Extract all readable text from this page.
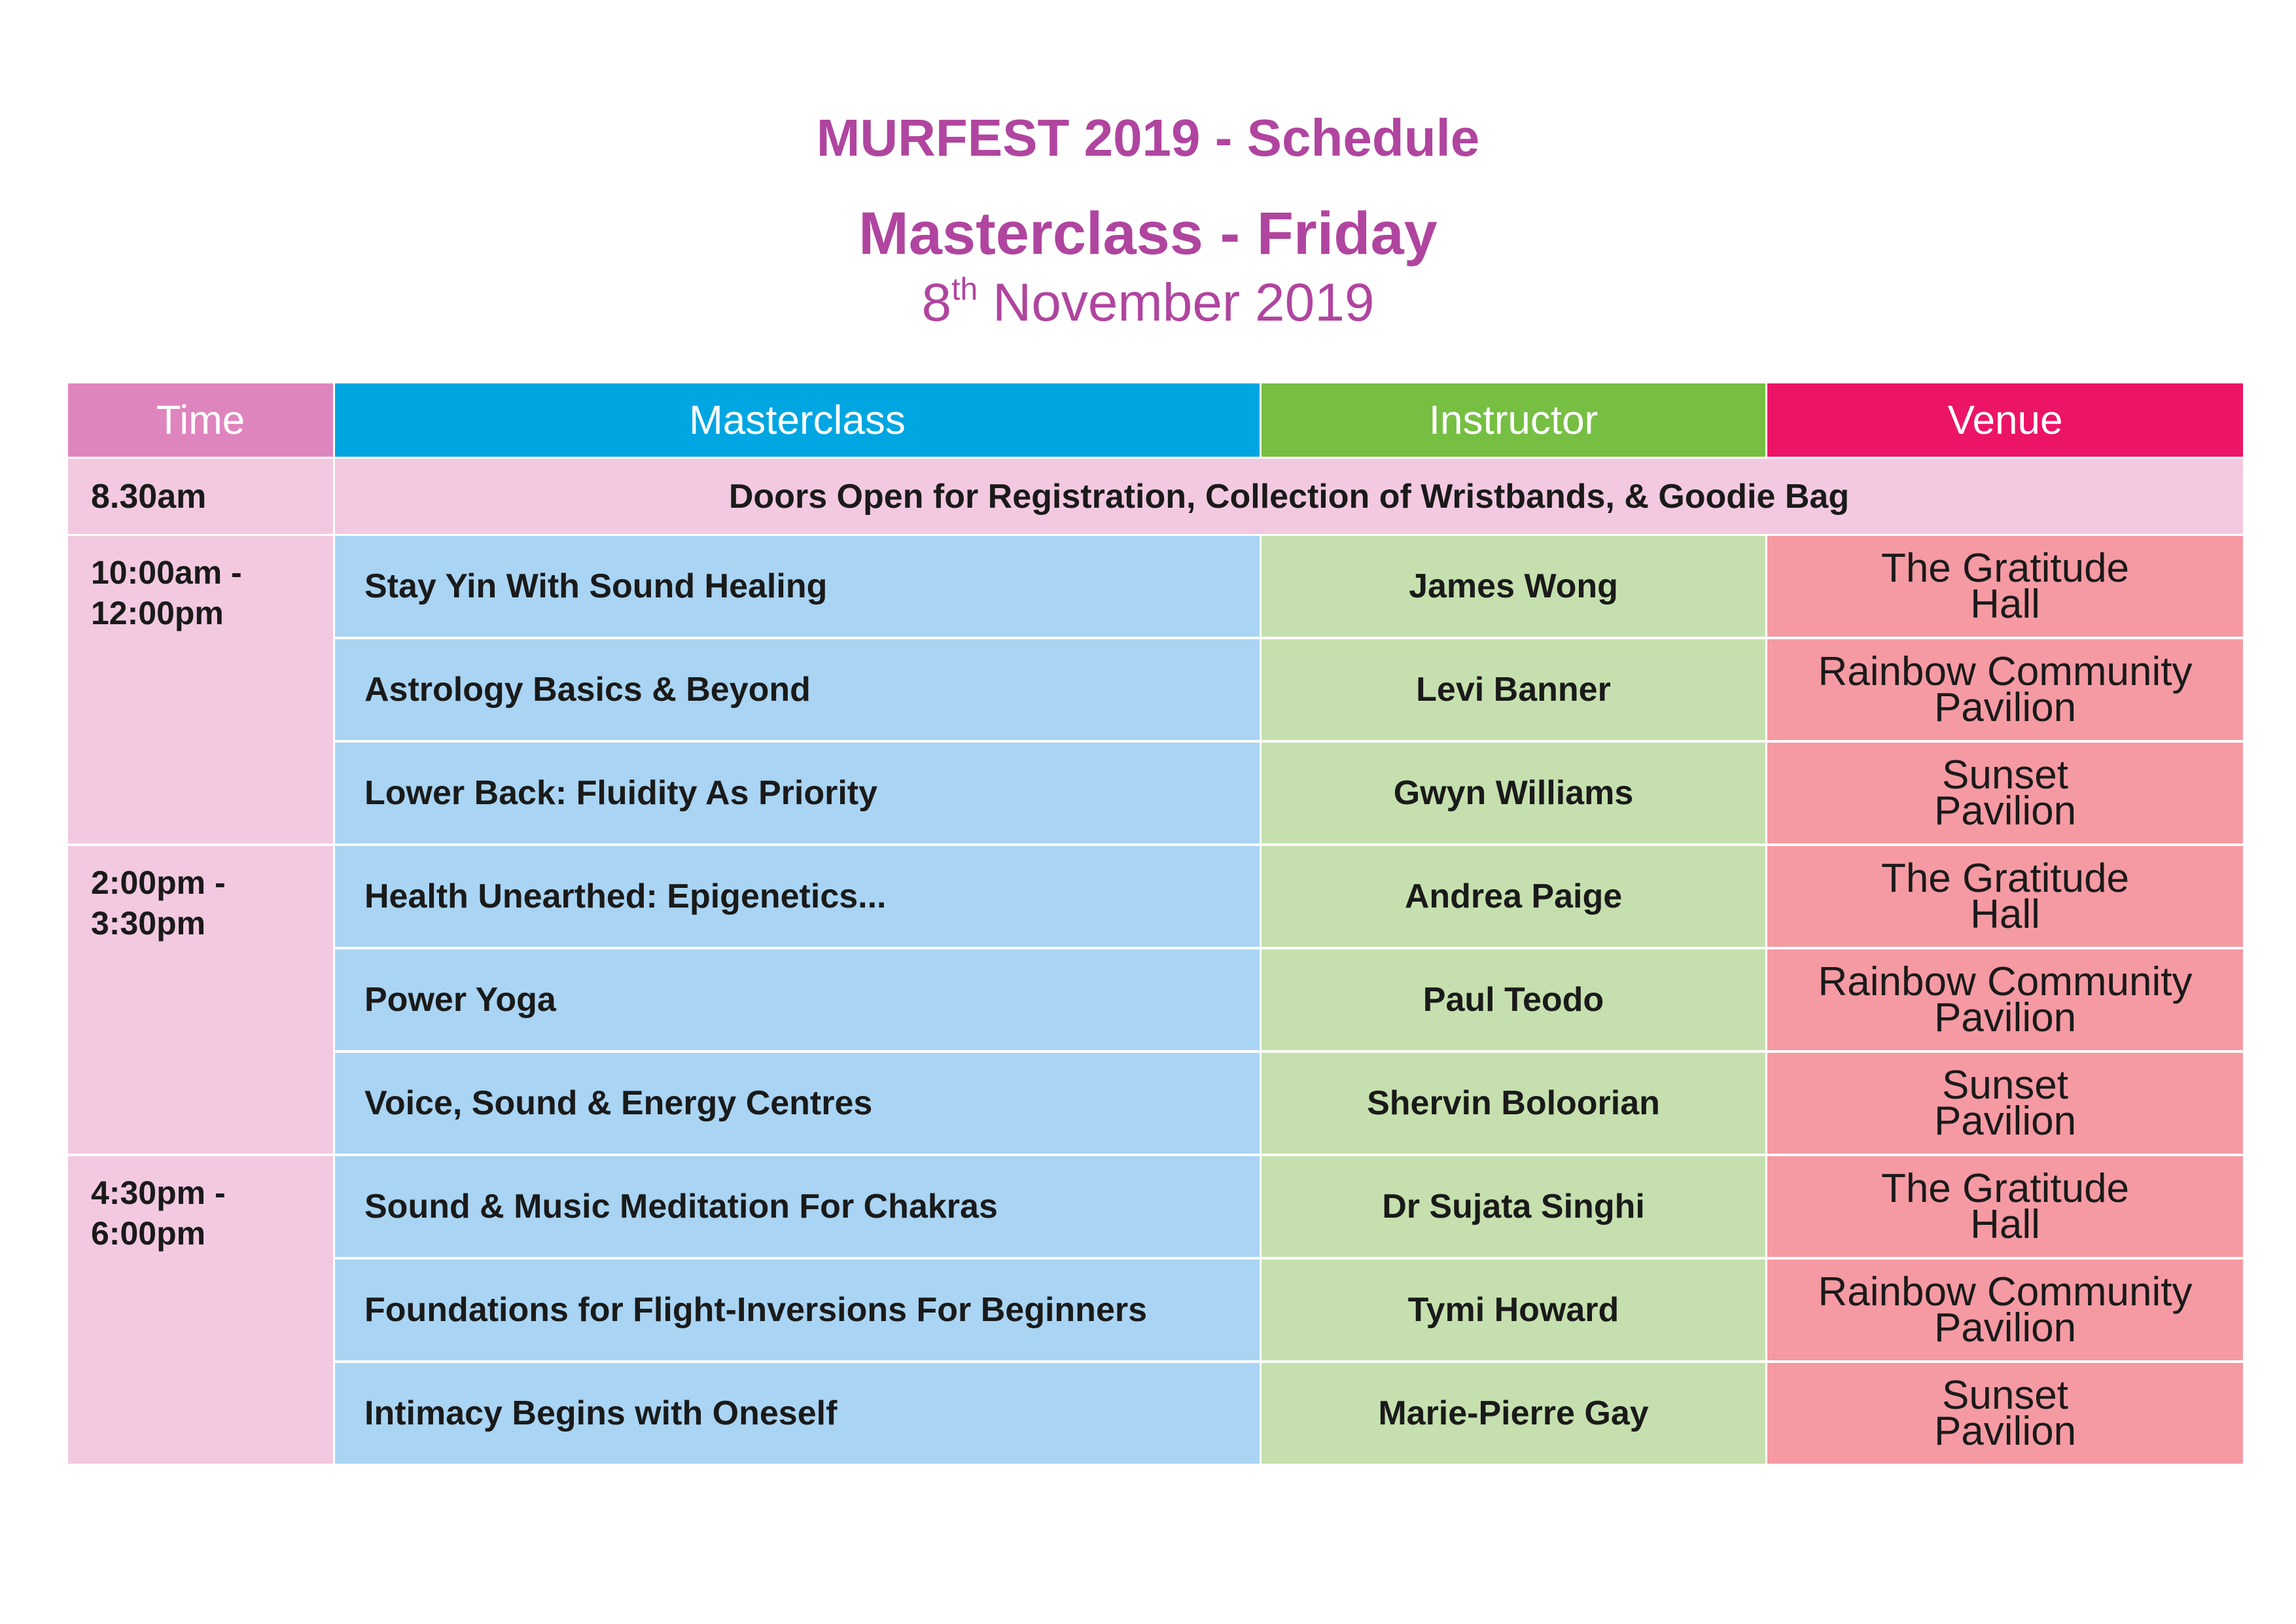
MURFEST 2019 - Schedule
Masterclass - Friday
8th November 2019
Time	Masterclass	Instructor	Venue
8.30am	Doors Open for Registration, Collection of Wristbands, & Goodie Bag
10:00am -
12:00pm
Stay Yin With Sound Healing	James Wong	The Gratitude
Hall
Astrology Basics & Beyond	Levi Banner	Rainbow Community
Pavilion
Lower Back: Fluidity As Priority	Gwyn Williams	Sunset
Pavilion
2:00pm -
3:30pm
Health Unearthed: Epigenetics...	Andrea Paige	The Gratitude
Hall
Power Yoga	Paul Teodo	Rainbow Community
Pavilion
Voice, Sound & Energy Centres	Shervin Boloorian	Sunset
Pavilion
4:30pm -
6:00pm
Sound & Music Meditation For Chakras	Dr Sujata Singhi	The Gratitude
Hall
Foundations for Flight-Inversions For Beginners	Tymi Howard	Rainbow Community
Pavilion
Intimacy Begins with Oneself	Marie-Pierre Gay	Sunset
Pavilion
